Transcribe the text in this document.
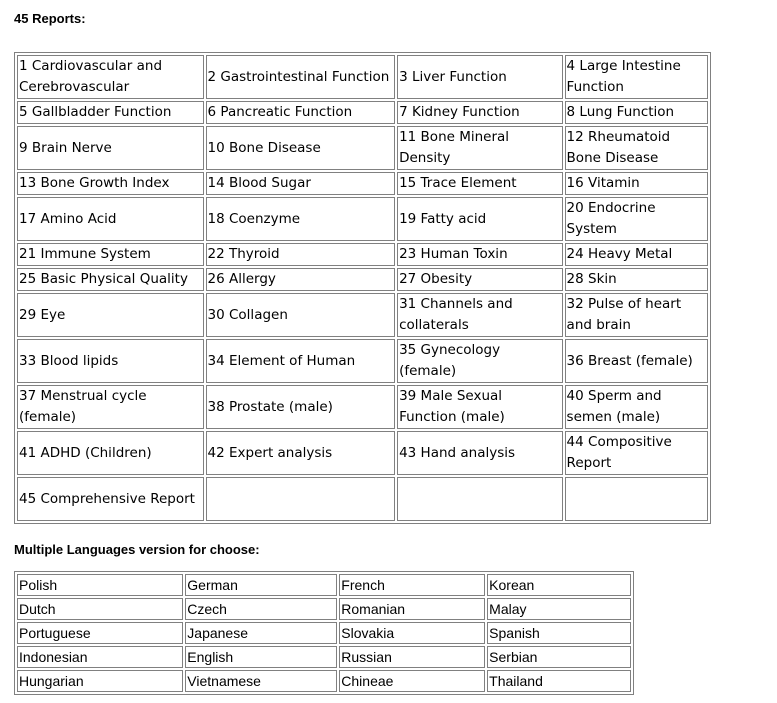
45 Reports:
1 Cardiovascular and Cerebrovascular	2 Gastrointestinal Function	3 Liver Function	4 Large Intestine Function
5 Gallbladder Function	6 Pancreatic Function	7 Kidney Function	8 Lung Function
9 Brain Nerve	10 Bone Disease	11 Bone Mineral Density	12 Rheumatoid Bone Disease
13 Bone Growth Index	14 Blood Sugar	15 Trace Element	16 Vitamin
17 Amino Acid	18 Coenzyme	19 Fatty acid	20 Endocrine System
21 Immune System	22 Thyroid	23 Human Toxin	24 Heavy Metal
25 Basic Physical Quality	26 Allergy	27 Obesity	28 Skin
29 Eye	30 Collagen	31 Channels and collaterals	32 Pulse of heart and brain
33 Blood lipids	34 Element of Human	35 Gynecology (female)	36 Breast (female)
37 Menstrual cycle (female)	38 Prostate (male)	39 Male Sexual Function (male)	40 Sperm and semen (male)
41 ADHD (Children)	42 Expert analysis	43 Hand analysis	44 Compositive Report
45 Comprehensive Report			
Multiple Languages version for choose:
Polish	German	French	Korean
Dutch	Czech	Romanian	Malay
Portuguese	Japanese	Slovakia	Spanish
Indonesian	English	Russian	Serbian
Hungarian	Vietnamese	Chineae	Thailand
